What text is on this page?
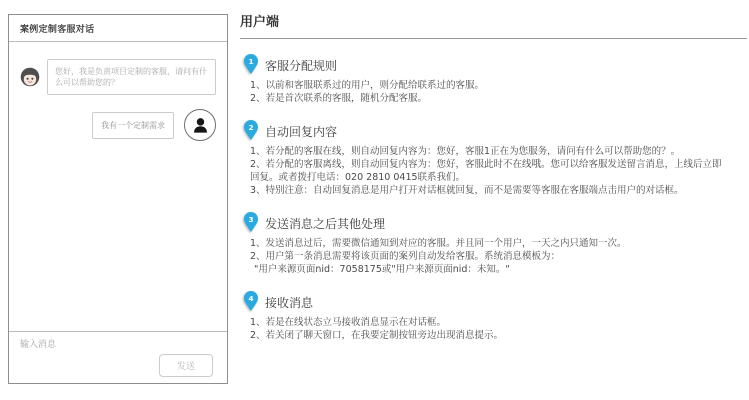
案例定制客服对话
您好，我是负责项目定制的客服，请问有什么可以帮助您的？
我有一个定制需求
输入消息
发送
用户端
1 客服分配规则
1、以前和客服联系过的用户，则分配给联系过的客服。
2、若是首次联系的客服，随机分配客服。
2 自动回复内容
1、若分配的客服在线，则自动回复内容为：您好，客服1正在为您服务，请问有什么可以帮助您的？。
2、若分配的客服离线，则自动回复内容为：您好，客服此时不在线哦。您可以给客服发送留言消息，上线后立即回复。或者拨打电话：020 2810 0415联系我们。
3、特别注意：自动回复消息是用户打开对话框就回复，而不是需要等客服在客服端点击用户的对话框。
3 发送消息之后其他处理
1、发送消息过后，需要微信通知到对应的客服。并且同一个用户，一天之内只通知一次。
2、用户第一条消息需要将该页面的案列自动发给客服。系统消息模板为：
"用户来源页面nid：7058175或"用户来源页面nid：未知。"
4 接收消息
1、若是在线状态立马接收消息显示在对话框。
2、若关闭了聊天窗口，在我要定制按钮旁边出现消息提示。
